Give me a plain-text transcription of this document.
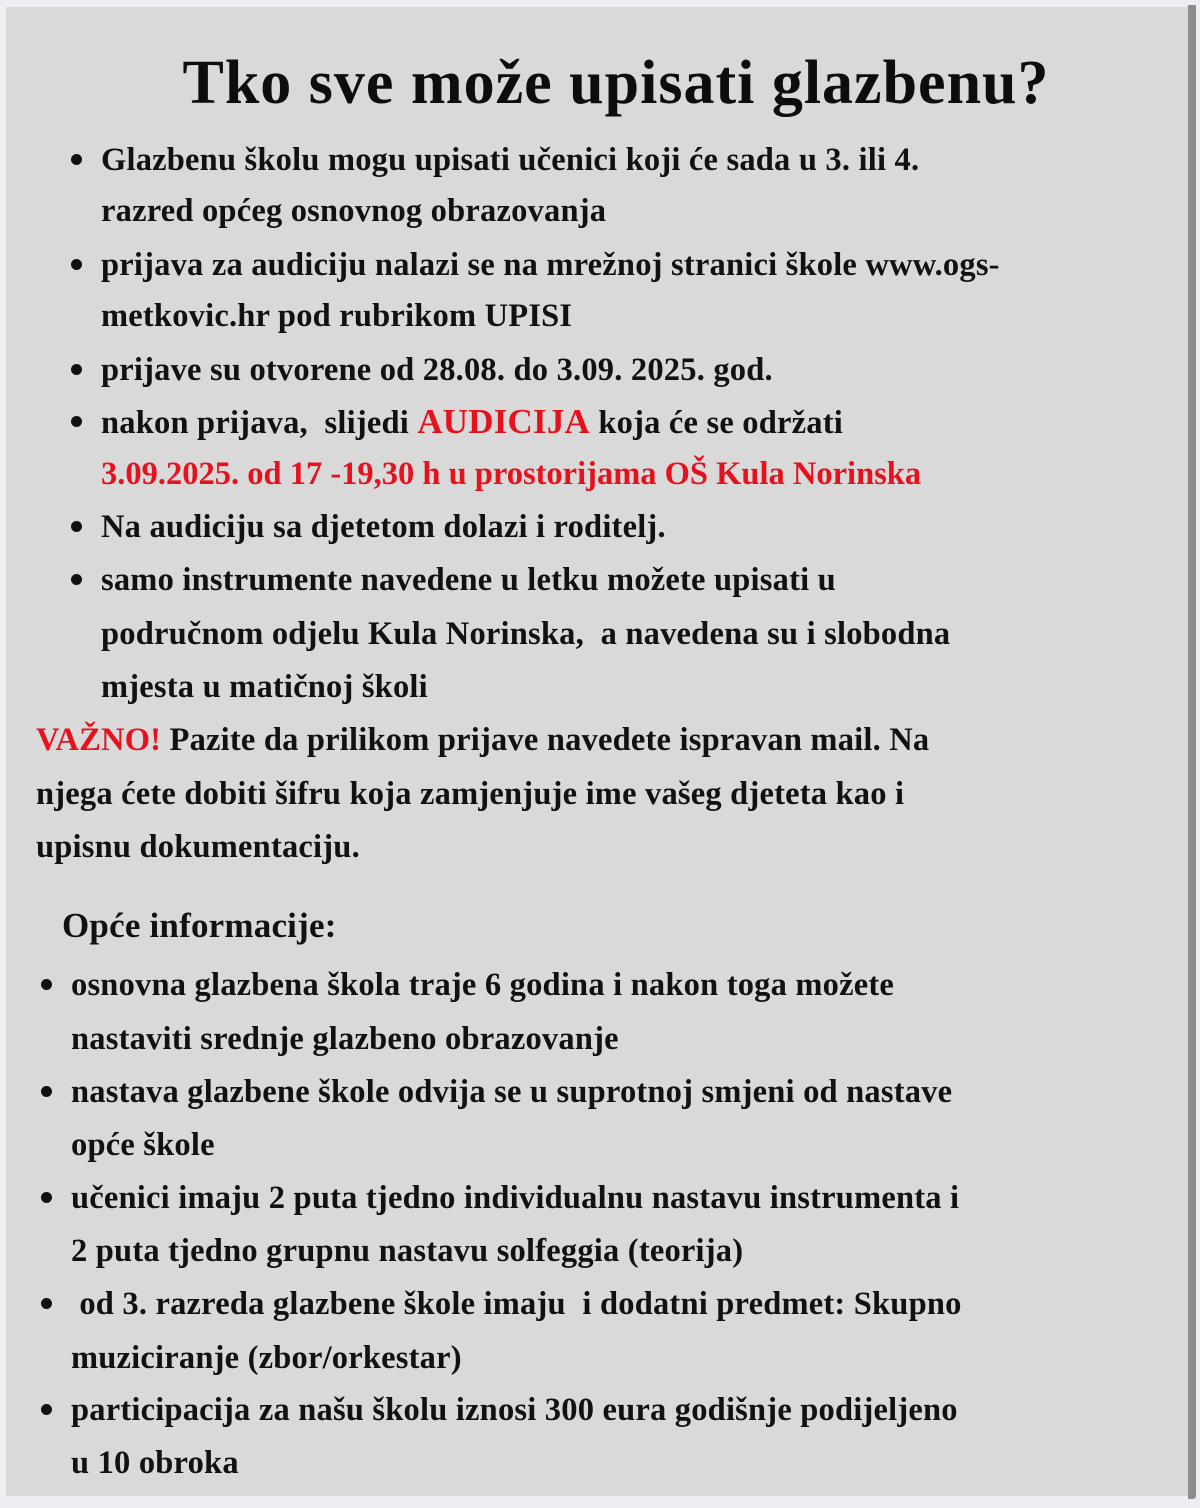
Tko sve može upisati glazbenu?
Glazbenu školu mogu upisati učenici koji će sada u 3. ili 4.
razred općeg osnovnog obrazovanja
prijava za audiciju nalazi se na mrežnoj stranici škole www.ogs-
metkovic.hr pod rubrikom UPISI
prijave su otvorene od 28.08. do 3.09. 2025. god.
nakon prijava,  slijedi AUDICIJA koja će se održati
3.09.2025. od 17 -19,30 h u prostorijama OŠ Kula Norinska
Na audiciju sa djetetom dolazi i roditelj.
samo instrumente navedene u letku možete upisati u
područnom odjelu Kula Norinska,  a navedena su i slobodna
mjesta u matičnoj školi
VAŽNO! Pazite da prilikom prijave navedete ispravan mail. Na
njega ćete dobiti šifru koja zamjenjuje ime vašeg djeteta kao i
upisnu dokumentaciju.
Opće informacije:
osnovna glazbena škola traje 6 godina i nakon toga možete
nastaviti srednje glazbeno obrazovanje
nastava glazbene škole odvija se u suprotnoj smjeni od nastave
opće škole
učenici imaju 2 puta tjedno individualnu nastavu instrumenta i
2 puta tjedno grupnu nastavu solfeggia (teorija)
od 3. razreda glazbene škole imaju  i dodatni predmet: Skupno
muziciranje (zbor/orkestar)
participacija za našu školu iznosi 300 eura godišnje podijeljeno
u 10 obroka
